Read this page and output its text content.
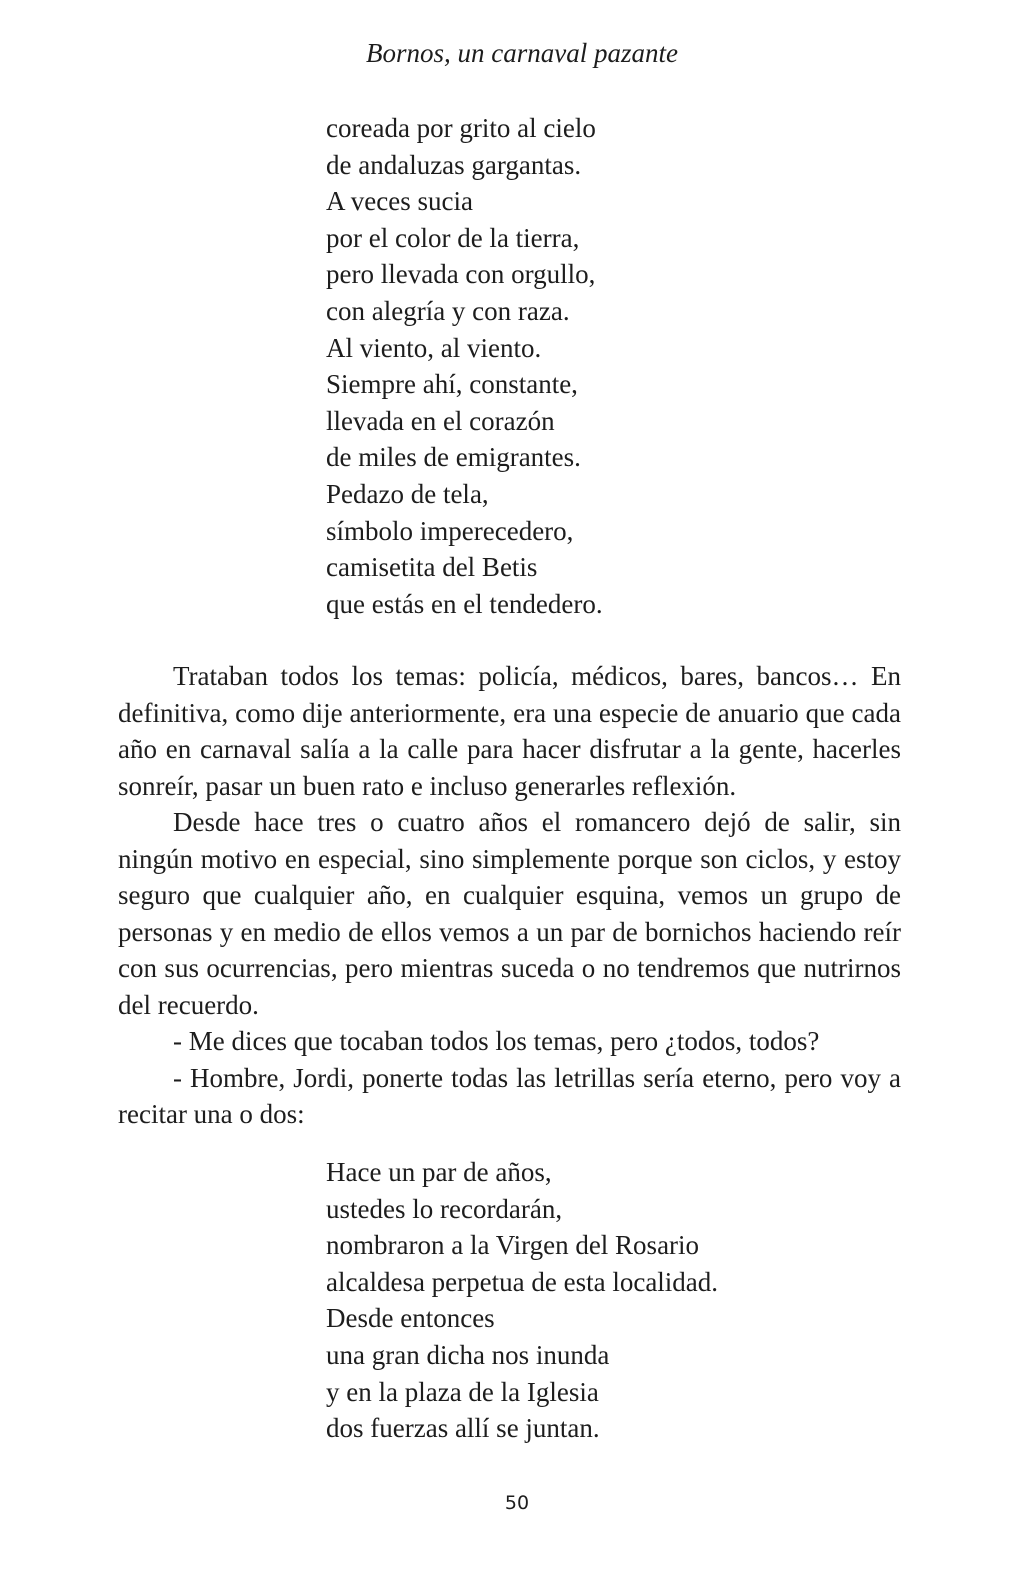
Bornos, un carnaval pazante
coreada por grito al cielo
de andaluzas gargantas.
A veces sucia
por el color de la tierra,
pero llevada con orgullo,
con alegría y con raza.
Al viento, al viento.
Siempre ahí, constante,
llevada en el corazón
de miles de emigrantes.
Pedazo de tela,
símbolo imperecedero,
camisetita del Betis
que estás en el tendedero.

Trataban todos los temas: policía, médicos, bares, bancos… En definitiva, como dije anteriormente, era una especie de anuario que cada año en carnaval salía a la calle para hacer disfrutar a la gente, hacerles sonreír, pasar un buen rato e incluso generarles reflexión.

Desde hace tres o cuatro años el romancero dejó de salir, sin ningún motivo en especial, sino simplemente porque son ciclos, y estoy seguro que cualquier año, en cualquier esquina, vemos un grupo de personas y en medio de ellos vemos a un par de bornichos haciendo reír con sus ocurrencias, pero mientras suceda o no tendremos que nutrirnos del recuerdo.

- Me dices que tocaban todos los temas, pero ¿todos, todos?

- Hombre, Jordi, ponerte todas las letrillas sería eterno, pero voy a recitar una o dos:

Hace un par de años,
ustedes lo recordarán,
nombraron a la Virgen del Rosario
alcaldesa perpetua de esta localidad.
Desde entonces
una gran dicha nos inunda
y en la plaza de la Iglesia
dos fuerzas allí se juntan.
50
